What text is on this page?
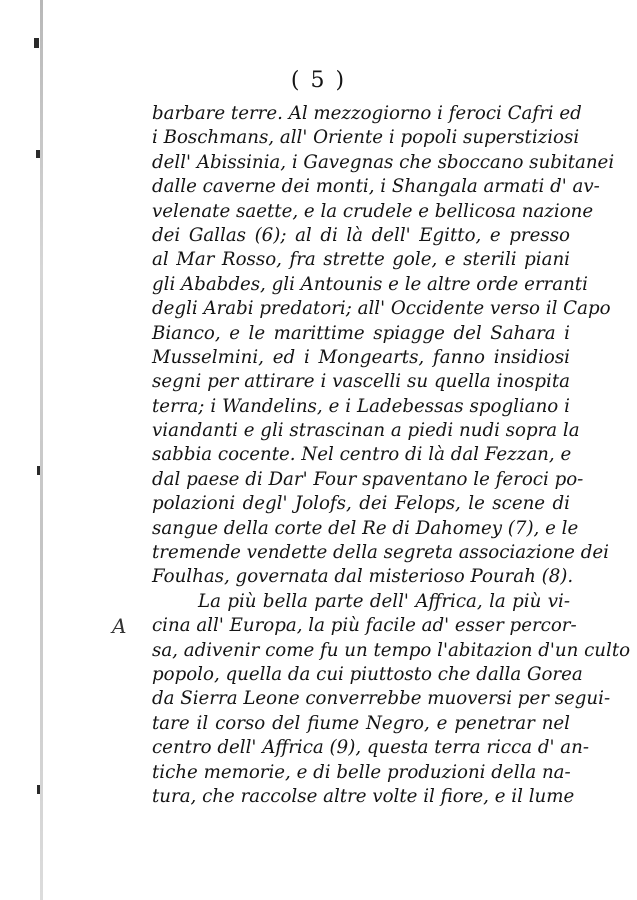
( 5 )
A
barbare terre. Al mezzogiorno i feroci Cafri ed
i Boschmans, all' Oriente i popoli superstiziosi
dell' Abissinia, i Gavegnas che sboccano subitanei
dalle caverne dei monti, i Shangala armati d' av-
velenate saette, e la crudele e bellicosa nazione
dei Gallas (6); al di là dell' Egitto, e presso
al Mar Rosso, fra strette gole, e sterili piani
gli Ababdes, gli Antounis e le altre orde erranti
degli Arabi predatori; all' Occidente verso il Capo
Bianco, e le marittime spiagge del Sahara i
Musselmini, ed i Mongearts, fanno insidiosi
segni per attirare i vascelli su quella inospita
terra; i Wandelins, e i Ladebessas spogliano i
viandanti e gli strascinan a piedi nudi sopra la
sabbia cocente. Nel centro di là dal Fezzan, e
dal paese di Dar' Four spaventano le feroci po-
polazioni degl' Jolofs, dei Felops, le scene di
sangue della corte del Re di Dahomey (7), e le
tremende vendette della segreta associazione dei
Foulhas, governata dal misterioso Pourah (8).
La più bella parte dell' Affrica, la più vi-
cina all' Europa, la più facile ad' esser percor-
sa, adivenir come fu un tempo l'abitazion d'un culto
popolo, quella da cui piuttosto che dalla Gorea
da Sierra Leone converrebbe muoversi per segui-
tare il corso del fiume Negro, e penetrar nel
centro dell' Affrica (9), questa terra ricca d' an-
tiche memorie, e di belle produzioni della na-
tura, che raccolse altre volte il fiore, e il lume
